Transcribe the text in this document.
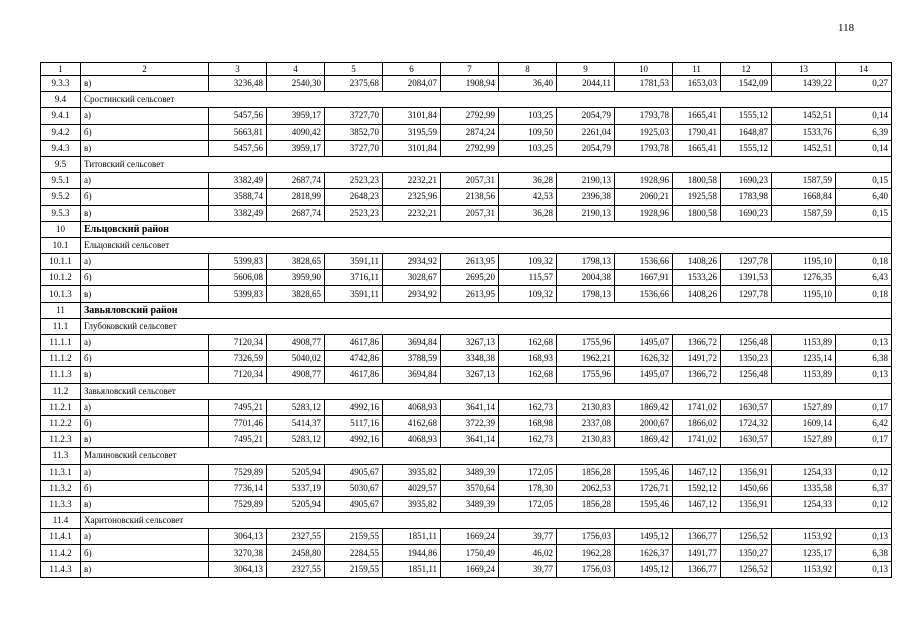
118
1	2	3	4	5	6	7	8	9	10	11	12	13	14
9.3.3	в)	3236,48	2540,30	2375,68	2084,07	1908,94	36,40	2044,11	1781,53	1653,03	1542,09	1439,22	0,27
9.4	Сростинский сельсовет												
9.4.1	а)	5457,56	3959,17	3727,70	3101,84	2792,99	103,25	2054,79	1793,78	1665,41	1555,12	1452,51	0,14
9.4.2	б)	5663,81	4090,42	3852,70	3195,59	2874,24	109,50	2261,04	1925,03	1790,41	1648,87	1533,76	6,39
9.4.3	в)	5457,56	3959,17	3727,70	3101,84	2792,99	103,25	2054,79	1793,78	1665,41	1555,12	1452,51	0,14
9.5	Титовский сельсовет												
9.5.1	а)	3382,49	2687,74	2523,23	2232,21	2057,31	36,28	2190,13	1928,96	1800,58	1690,23	1587,59	0,15
9.5.2	б)	3588,74	2818,99	2648,23	2325,96	2138,56	42,53	2396,38	2060,21	1925,58	1783,98	1668,84	6,40
9.5.3	в)	3382,49	2687,74	2523,23	2232,21	2057,31	36,28	2190,13	1928,96	1800,58	1690,23	1587,59	0,15
10	Ельцовский район												
10.1	Ельцовский сельсовет												
10.1.1	а)	5399,83	3828,65	3591,11	2934,92	2613,95	109,32	1798,13	1536,66	1408,26	1297,78	1195,10	0,18
10.1.2	б)	5606,08	3959,90	3716,11	3028,67	2695,20	115,57	2004,38	1667,91	1533,26	1391,53	1276,35	6,43
10.1.3	в)	5399,83	3828,65	3591,11	2934,92	2613,95	109,32	1798,13	1536,66	1408,26	1297,78	1195,10	0,18
11	Завьяловский район												
11.1	Глубоковский сельсовет												
11.1.1	а)	7120,34	4908,77	4617,86	3694,84	3267,13	162,68	1755,96	1495,07	1366,72	1256,48	1153,89	0,13
11.1.2	б)	7326,59	5040,02	4742,86	3788,59	3348,38	168,93	1962,21	1626,32	1491,72	1350,23	1235,14	6,38
11.1.3	в)	7120,34	4908,77	4617,86	3694,84	3267,13	162,68	1755,96	1495,07	1366,72	1256,48	1153,89	0,13
11.2	Завьяловский сельсовет												
11.2.1	а)	7495,21	5283,12	4992,16	4068,93	3641,14	162,73	2130,83	1869,42	1741,02	1630,57	1527,89	0,17
11.2.2	б)	7701,46	5414,37	5117,16	4162,68	3722,39	168,98	2337,08	2000,67	1866,02	1724,32	1609,14	6,42
11.2.3	в)	7495,21	5283,12	4992,16	4068,93	3641,14	162,73	2130,83	1869,42	1741,02	1630,57	1527,89	0,17
11.3	Малиновский сельсовет												
11.3.1	а)	7529,89	5205,94	4905,67	3935,82	3489,39	172,05	1856,28	1595,46	1467,12	1356,91	1254,33	0,12
11.3.2	б)	7736,14	5337,19	5030,67	4029,57	3570,64	178,30	2062,53	1726,71	1592,12	1450,66	1335,58	6,37
11.3.3	в)	7529,89	5205,94	4905,67	3935,82	3489,39	172,05	1856,28	1595,46	1467,12	1356,91	1254,33	0,12
11.4	Харитоновский сельсовет												
11.4.1	а)	3064,13	2327,55	2159,55	1851,11	1669,24	39,77	1756,03	1495,12	1366,77	1256,52	1153,92	0,13
11.4.2	б)	3270,38	2458,80	2284,55	1944,86	1750,49	46,02	1962,28	1626,37	1491,77	1350,27	1235,17	6,38
11.4.3	в)	3064,13	2327,55	2159,55	1851,11	1669,24	39,77	1756,03	1495,12	1366,77	1256,52	1153,92	0,13
